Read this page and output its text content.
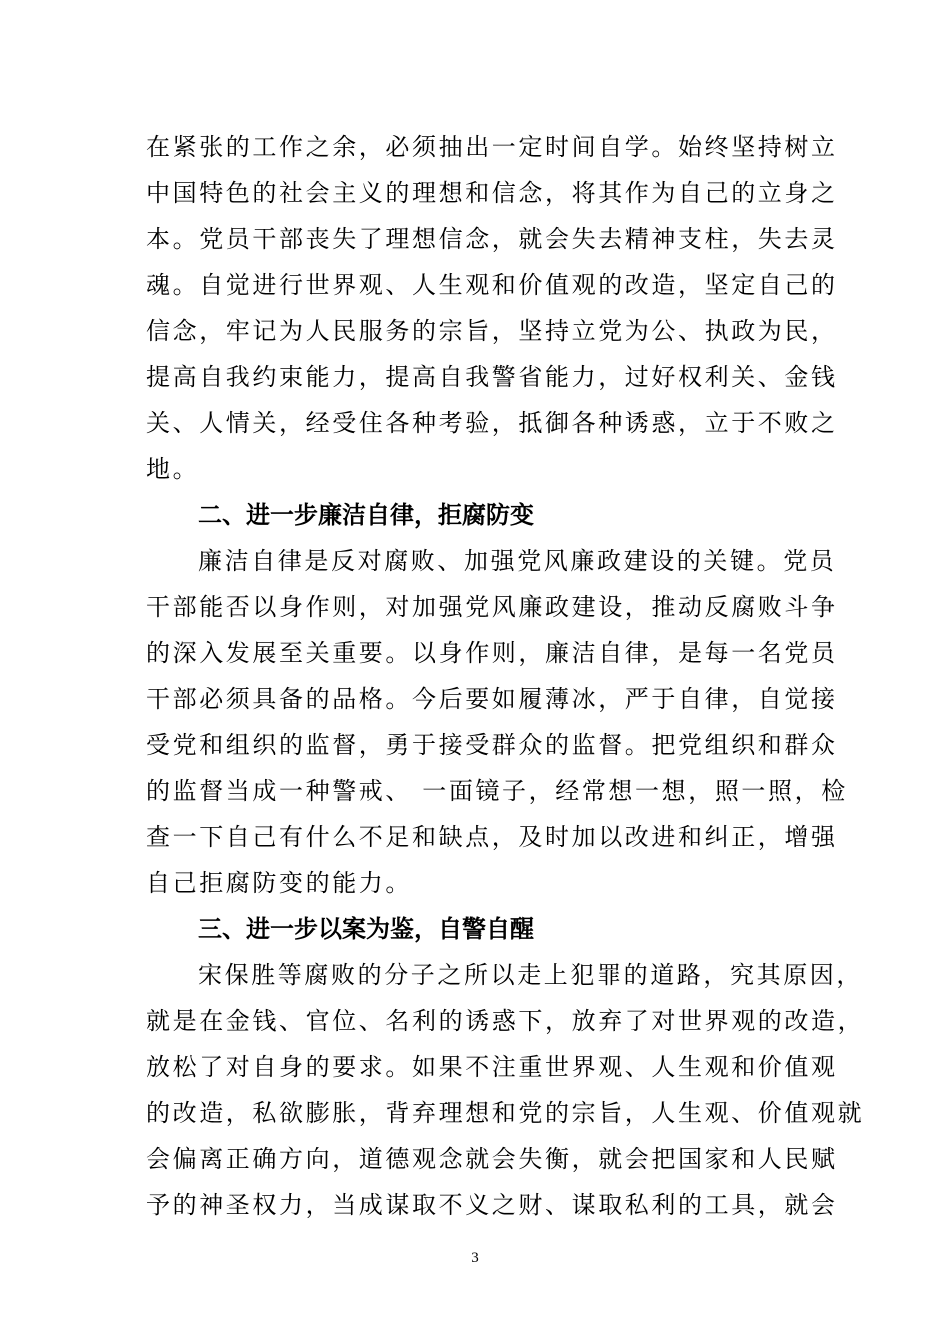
在紧张的工作之余，必须抽出一定时间自学。始终坚持树立
中国特色的社会主义的理想和信念，将其作为自己的立身之
本。党员干部丧失了理想信念，就会失去精神支柱，失去灵
魂。自觉进行世界观、人生观和价值观的改造，坚定自己的
信念，牢记为人民服务的宗旨，坚持立党为公、执政为民，
提高自我约束能力，提高自我警省能力，过好权利关、金钱
关、人情关，经受住各种考验，抵御各种诱惑，立于不败之
地。
二、进一步廉洁自律，拒腐防变
廉洁自律是反对腐败、加强党风廉政建设的关键。党员
干部能否以身作则，对加强党风廉政建设，推动反腐败斗争
的深入发展至关重要。以身作则，廉洁自律，是每一名党员
干部必须具备的品格。今后要如履薄冰，严于自律，自觉接
受党和组织的监督，勇于接受群众的监督。把党组织和群众
的监督当成一种警戒、 一面镜子，经常想一想，照一照，检
查一下自己有什么不足和缺点，及时加以改进和纠正，增强
自己拒腐防变的能力。
三、进一步以案为鉴，自警自醒
宋保胜等腐败的分子之所以走上犯罪的道路，究其原因，
就是在金钱、官位、名利的诱惑下，放弃了对世界观的改造，
放松了对自身的要求。如果不注重世界观、人生观和价值观
的改造，私欲膨胀，背弃理想和党的宗旨，人生观、价值观就
会偏离正确方向，道德观念就会失衡，就会把国家和人民赋
予的神圣权力，当成谋取不义之财、谋取私利的工具，就会
3
